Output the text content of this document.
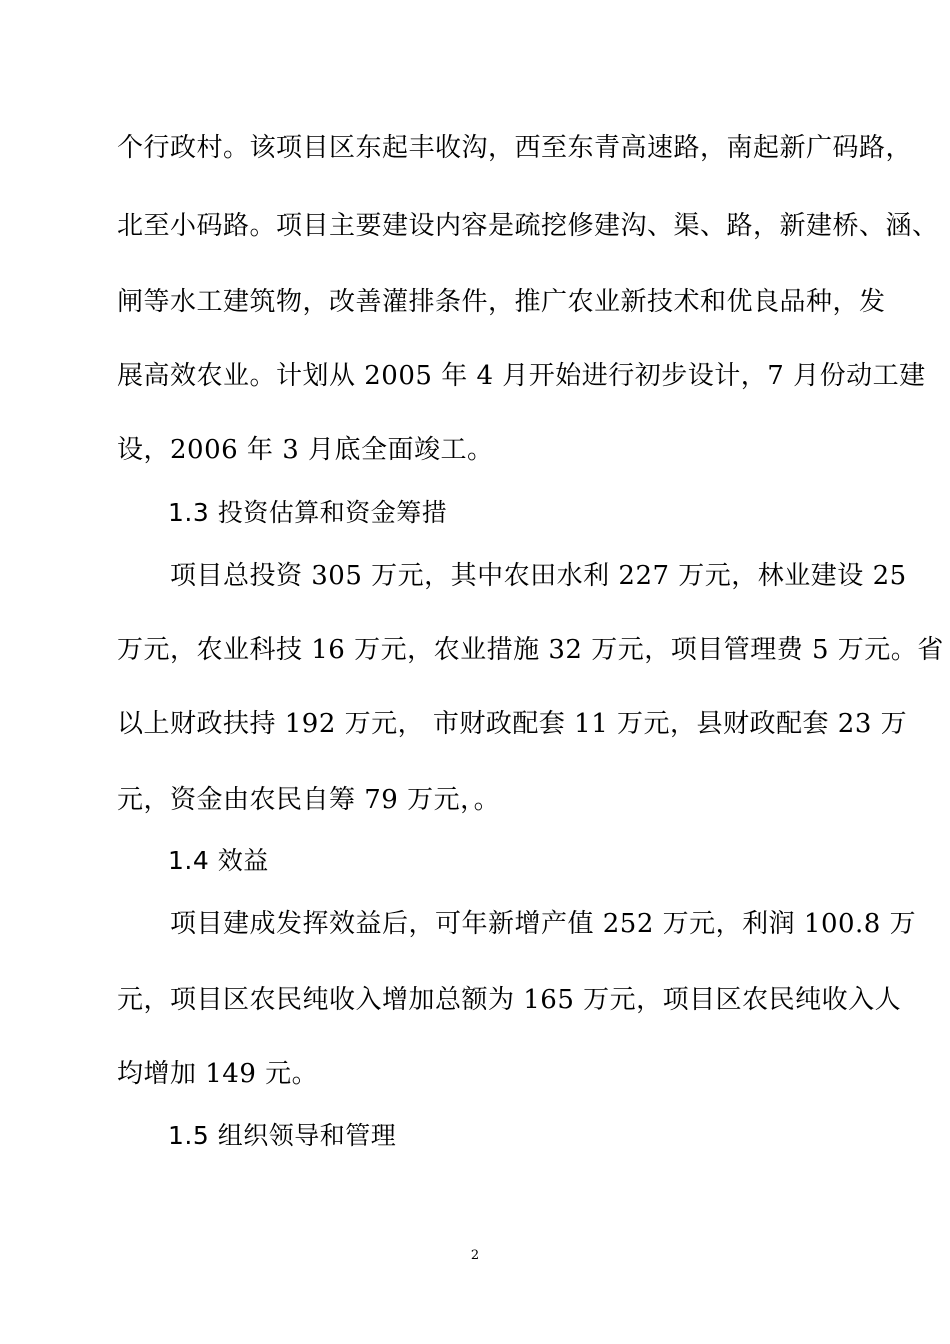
个行政村。该项目区东起丰收沟，西至东青高速路，南起新广码路，
北至小码路。项目主要建设内容是疏挖修建沟、渠、路，新建桥、涵、
闸等水工建筑物，改善灌排条件，推广农业新技术和优良品种，发
展高效农业。计划从 2005 年 4 月开始进行初步设计，7 月份动工建
设，2006 年 3 月底全面竣工。
1.3 投资估算和资金筹措
项目总投资 305 万元，其中农田水利 227 万元，林业建设 25
万元，农业科技 16 万元，农业措施 32 万元，项目管理费 5 万元。省
以上财政扶持 192 万元， 市财政配套 11 万元，县财政配套 23 万
元，资金由农民自筹 79 万元，。
1.4 效益
项目建成发挥效益后，可年新增产值 252 万元，利润 100.8 万
元，项目区农民纯收入增加总额为 165 万元，项目区农民纯收入人
均增加 149 元。
1.5 组织领导和管理
2
